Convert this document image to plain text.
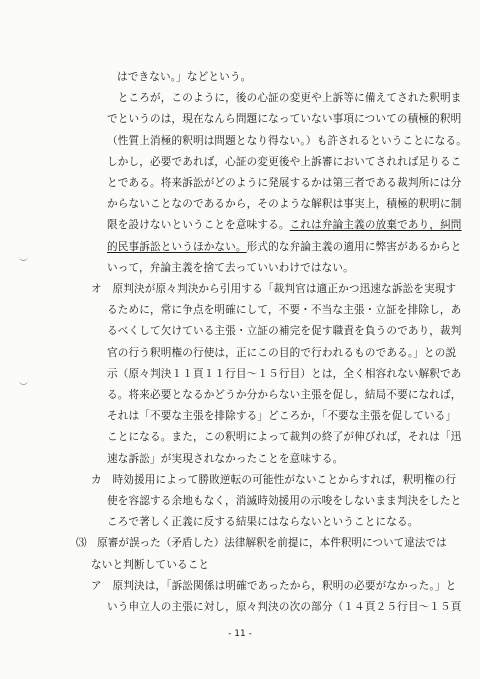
はできない。」などという。
　ところが，このように，後の心証の変更や上訴等に備えてされた釈明ま
でというのは，現在なんら問題になっていない事項についての積極的釈明
（性質上消極的釈明は問題となり得ない。）も許されるということになる。
しかし，必要であれば，心証の変更後や上訴審においてされれば足りるこ
とである。将来訴訟がどのように発展するかは第三者である裁判所には分
からないことなのであるから，そのような解釈は事実上，積極的釈明に制
限を設けないということを意味する。これは弁論主義の放棄であり，糾問
的民事訴訟というほかない。形式的な弁論主義の適用に弊害があるからと
いって，弁論主義を捨て去っていいわけではない。
オ　原判決が原々判決から引用する「裁判官は適正かつ迅速な訴訟を実現す
るために，常に争点を明確にして，不要・不当な主張・立証を排除し，あ
るべくして欠けている主張・立証の補完を促す職責を負うのであり，裁判
官の行う釈明権の行使は，正にこの目的で行われるものである。」との説
示（原々判決１１頁１１行目～１５行目）とは，全く相容れない解釈であ
る。将来必要となるかどうか分からない主張を促し，結局不要になれば，
それは「不要な主張を排除する」どころか，「不要な主張を促している」
ことになる。また，この釈明によって裁判の終了が伸びれば，それは「迅
速な訴訟」が実現されなかったことを意味する。
カ　時効援用によって勝敗逆転の可能性がないことからすれば，釈明権の行
使を容認する余地もなく，消滅時効援用の示唆をしないまま判決をしたと
ころで著しく正義に反する結果にはならないということになる。
⑶　原審が誤った（矛盾した）法律解釈を前提に，本件釈明について違法では
ないと判断していること
- 11 -
ア　原判決は，「訴訟関係は明確であったから，釈明の必要がなかった。」と
いう申立人の主張に対し，原々判決の次の部分（１４頁２５行目～１５頁
